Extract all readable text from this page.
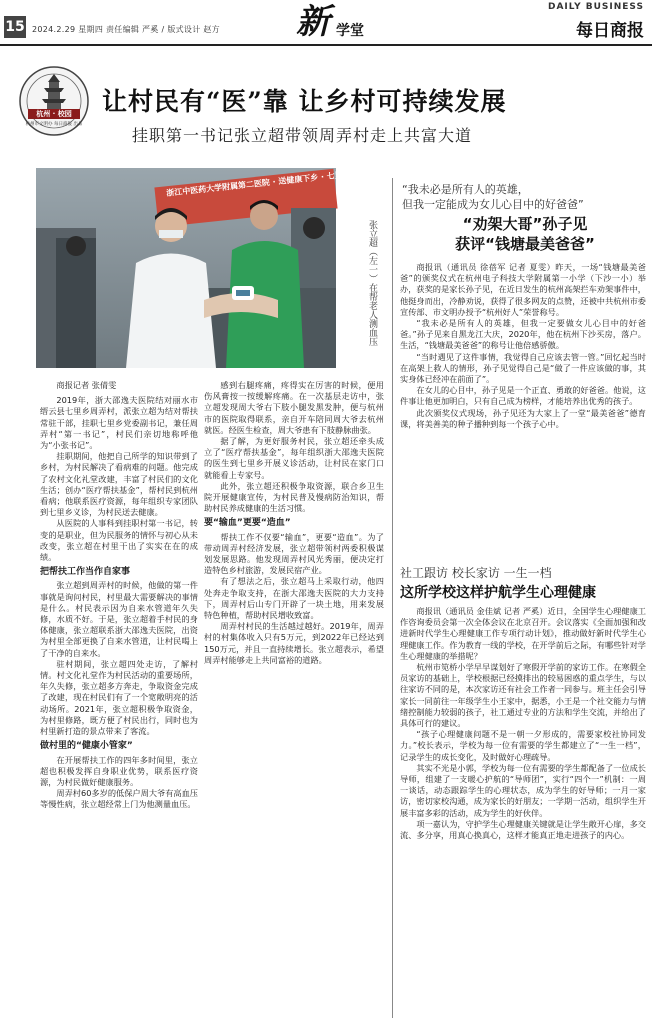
15 2024.2.29 星期四 责任编辑 严奚 / 版式设计 赵方 新 学堂
DAILY BUSINESS
每日商报
杭州 · 校园
杭州市文明办 每日商报 出品
让村民有“医”靠 让乡村可持续发展
挂职第一书记张立超带领周弄村走上共富大道
浙江中医药大学附属第二医院 · 送健康下乡 · 七里乡
张立超（左一）在帮老人测血压
商报记者 张倩雯

2019年，浙大邵逸夫医院结对丽水市缙云县七里乡周弄村，派张立超为结对帮扶常驻干部，挂职七里乡党委副书记，兼任周弄村“第一书记”，村民们亲切地称呼他为“小张书记”。

挂职期间，他把自己所学的知识带到了乡村，为村民解决了看病难的问题。他完成了农村文化礼堂改建，丰富了村民们的文化生活；创办“医疗帮扶基金”，帮村民到杭州看病；他联系医疗资源，每年组织专家团队到七里乡义诊，为村民送去健康。

从医院的人事科到挂职村第一书记，转变的是职业，但为民服务的情怀与初心从未改变，张立超在村里干出了实实在在的成绩。

把帮扶工作当作自家事

张立超到周弄村的时候，他做的第一件事就是询问村民，村里最大需要解决的事情是什么。村民表示因为自来水管道年久失修，水质不好。于是，张立超着手村民的身体健康，张立超联系浙大邵逸夫医院，出资为村里全部更换了自来水管道，让村民喝上了干净的自来水。

驻村期间，张立超四处走访，了解村情。村文化礼堂作为村民活动的重要场所，年久失修，张立超多方奔走，争取资金完成了改建，现在村民们有了一个宽敞明亮的活动场所。2021年，张立超积极争取资金，为村里修路，既方便了村民出行，同时也为村里新打造的景点带来了客流。

做村里的“健康小管家”

在开展帮扶工作的四年多时间里，张立超也积极发挥自身职业优势，联系医疗资源，为村民做好健康服务。

周弄村60多岁的低保户周大爷有高血压等慢性病，张立超经常上门为他测量血压。

感到右腿疼痛，疼得实在厉害的时候，便用伤风膏按一按缓解疼痛。在一次基层走访中，张立超发现周大爷右下肢小腿发黑发肿，便与杭州市的医院取得联系，亲自开车陪同周大爷去杭州就医。经医生检查，周大爷患有下肢静脉曲张。

据了解，为更好服务村民，张立超还牵头成立了“医疗帮扶基金”，每年组织浙大邵逸夫医院的医生到七里乡开展义诊活动，让村民在家门口就能看上专家号。

此外，张立超还积极争取资源，联合乡卫生院开展健康宣传，为村民普及慢病防治知识，帮助村民养成健康的生活习惯。

要“输血”更要“造血”

帮扶工作不仅要“输血”，更要“造血”。为了带动周弄村经济发展，张立超带领村两委积极谋划发展思路。他发现周弄村风光秀丽，便决定打造特色乡村旅游，发展民宿产业。

有了想法之后，张立超马上采取行动，他四处奔走争取支持，在浙大邵逸夫医院的大力支持下，周弄村后山专门开辟了一块土地，用来发展特色种植，帮助村民增收致富。

周弄村村民的生活越过越好。2019年，周弄村的村集体收入只有5万元，到2022年已经达到150万元，并且一直持续增长。张立超表示，希望周弄村能够走上共同富裕的道路。

“我未必是所有人的英雄，
但我一定能成为女儿心目中的好爸爸”
“劝架大哥”孙子见
获评“钱塘最美爸爸”

商报讯（通讯员 徐蓓军 记者 夏雯）昨天，一场“钱塘最美爸爸”的颁奖仪式在杭州电子科技大学附属第一小学（下沙一小）举办，获奖的是家长孙子见，在近日发生的杭州高架拦车劝架事件中，他挺身而出，冷静劝说，获得了很多网友的点赞，还被中共杭州市委宣传部、市文明办授予“杭州好人”荣誉称号。

“我未必是所有人的英雄，但我一定要做女儿心目中的好爸爸。”孙子见来自黑龙江大庆，2020年，他在杭州下沙买房，落户。生活，“钱塘最美爸爸”的称号让他倍感骄傲。

“当时遇见了这件事情，我觉得自己应该去管一管。”回忆起当时在高架上救人的情形，孙子见觉得自己是“做了一件应该做的事，其实身体已经冲在前面了”。

在女儿的心目中，孙子见是一个正直、勇敢的好爸爸。他说，这件事让他更加明白，只有自己成为榜样，才能培养出优秀的孩子。

此次颁奖仪式现场，孙子见还为大家上了一堂“最美爸爸”德育课，将美善美的种子播种到每一个孩子心中。

社工跟访 校长家访 一生一档
这所学校这样护航学生心理健康

商报讯（通讯员 金佳斌 记者 严奚）近日，全国学生心理健康工作咨询委员会第一次全体会议在北京召开。会议落实《全面加强和改进新时代学生心理健康工作专项行动计划》，推动做好新时代学生心理健康工作。作为教育一线的学校，在开学前后之际，有哪些针对学生心理健康的举措呢？

杭州市笕桥小学早早谋划好了寒假开学前的家访工作。在寒假全员家访的基础上，学校根据已经摸排出的较易困惑的重点学生，与以往家访不同的是，本次家访还有社会工作者一同参与。班主任会引导家长一同前往一年级学生小王家中，据悉，小王是一个社交能力与情绪控制能力较弱的孩子，社工通过专业的方法和学生交流，并给出了具体可行的建议。

“孩子心理健康问题不是一朝一夕形成的，需要家校社协同发力。”校长表示，学校为每一位有需要的学生都建立了“一生一档”，记录学生的成长变化，及时做好心理疏导。

其实不光是小郭，学校为每一位有需要的学生都配备了一位成长导师，组建了一支暖心护航的“导师团”，实行“四个一”机制：一周一谈话，动态跟踪学生的心理状态，成为学生的好导师；一月一家访，密切家校沟通，成为家长的好朋友；一学期一活动，组织学生开展丰富多彩的活动，成为学生的好伙伴。

项一嘉认为，守护学生心理健康关键就是让学生敞开心扉，多交流、多分享，用真心换真心，这样才能真正地走进孩子的内心。
